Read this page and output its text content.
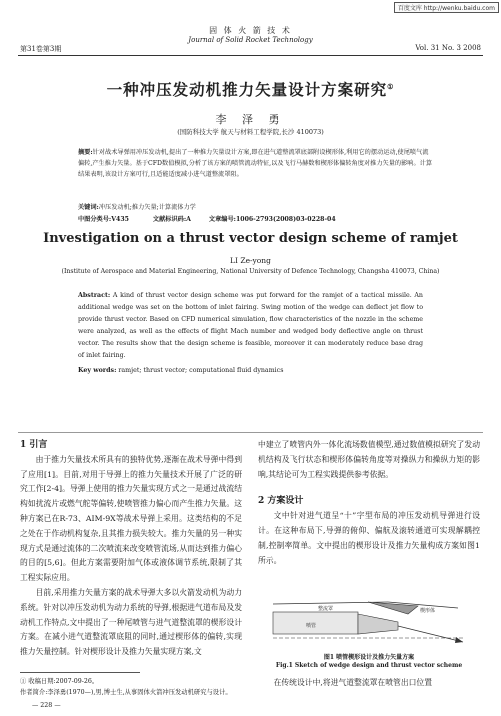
百度文库 http://wenku.baidu.com
固 体 火 箭 技 术
Journal of Solid Rocket Technology
第31卷第3期	Vol. 31 No. 3 2008
一种冲压发动机推力矢量设计方案研究①
李 泽 勇
(国防科技大学 航天与材料工程学院,长沙 410073)
摘要:针对战术导弹用冲压发动机,提出了一种推力矢量设计方案,即在进气道整流罩底部附设楔形体,利用它的摆动运动,使尾喷气流偏转,产生推力矢量。基于CFD数值模拟,分析了该方案的喷管流动特征,以及飞行马赫数和楔形体偏转角度对推力矢量的影响。计算结果表明,该设计方案可行,且适能适度减小进气道整流罩阻。
关键词:冲压发动机;推力矢量;计算流体力学
中图分类号:V435	文献标识码:A	文章编号:1006-2793(2008)03-0228-04
Investigation on a thrust vector design scheme of ramjet
LI Ze-yong
(Institute of Aerospace and Material Engineering, National University of Defence Technology, Changsha 410073, China)
Abstract: A kind of thrust vector design scheme was put forward for the ramjet of a tactical missile. An additional wedge was set on the bottom of inlet fairing. Swing motion of the wedge can deflect jet flow to provide thrust vector. Based on CFD numerical simulation, flow characteristics of the nozzle in the scheme were analyzed, as well as the effects of flight Mach number and wedged body deflective angle on thrust vector. The results show that the design scheme is feasible, moreover it can moderately reduce base drag of inlet fairing.
Key words: ramjet; thrust vector; computational fluid dynamics
1 引言
由于推力矢量技术所具有的独特优势,逐渐在战术导弹中得到了应用[1]。目前,对用于导弹上的推力矢量技术开展了广泛的研究工作[2-4]。导弹上使用的推力矢量实现方式之一是通过战流结构如扰流片或燃气舵等偏转,使喷管推力偏心而产生推力矢量。这种方案已在R-73、AIM-9X等战术导弹上采用。这类结构的不足之处在于作动机构复杂,且其推力损失较大。推力矢量的另一种实现方式是通过流体的二次喷流来改变喷管流场,从而达到推力偏心的目的[5,6]。但此方案需要附加气体或液体调节系统,限制了其工程实际应用。
目前,采用推力矢量方案的战术导弹大多以火箭发动机为动力系统。针对以冲压发动机为动力系统的导弹,根据进气道布局及发动机工作特点,文中提出了一种尾喷管与进气道整流罩的楔形设计方案。在减小进气道整流罩底阻的同时,通过楔形体的偏转,实现推力矢量控制。针对楔形设计及推力矢量实现方案,文
中建立了喷管内外一体化流场数值模型,通过数值模拟研究了发动机结构及飞行状态和楔形体偏转角度等对操纵力和操纵力矩的影响,其结论可为工程实践提供参考依据。
2 方案设计
文中针对进气道呈“十”字型布局的冲压发动机导弹进行设计。在这种布局下,导弹的俯仰、偏航及滚转通道可实现解耦控制,控制率简单。文中提出的楔形设计及推力矢量构成方案如图1所示。
整流罩
喷管
楔形体
图1 喷管楔形设计及推力矢量方案
Fig.1 Sketch of wedge design and thrust vector scheme
在传统设计中,将进气道整流罩在喷管出口位置
① 收稿日期:2007-09-26。
作者简介:李泽勇(1970—),男,博士生,从事固体火箭冲压发动机研究与设计。
— 228 —
